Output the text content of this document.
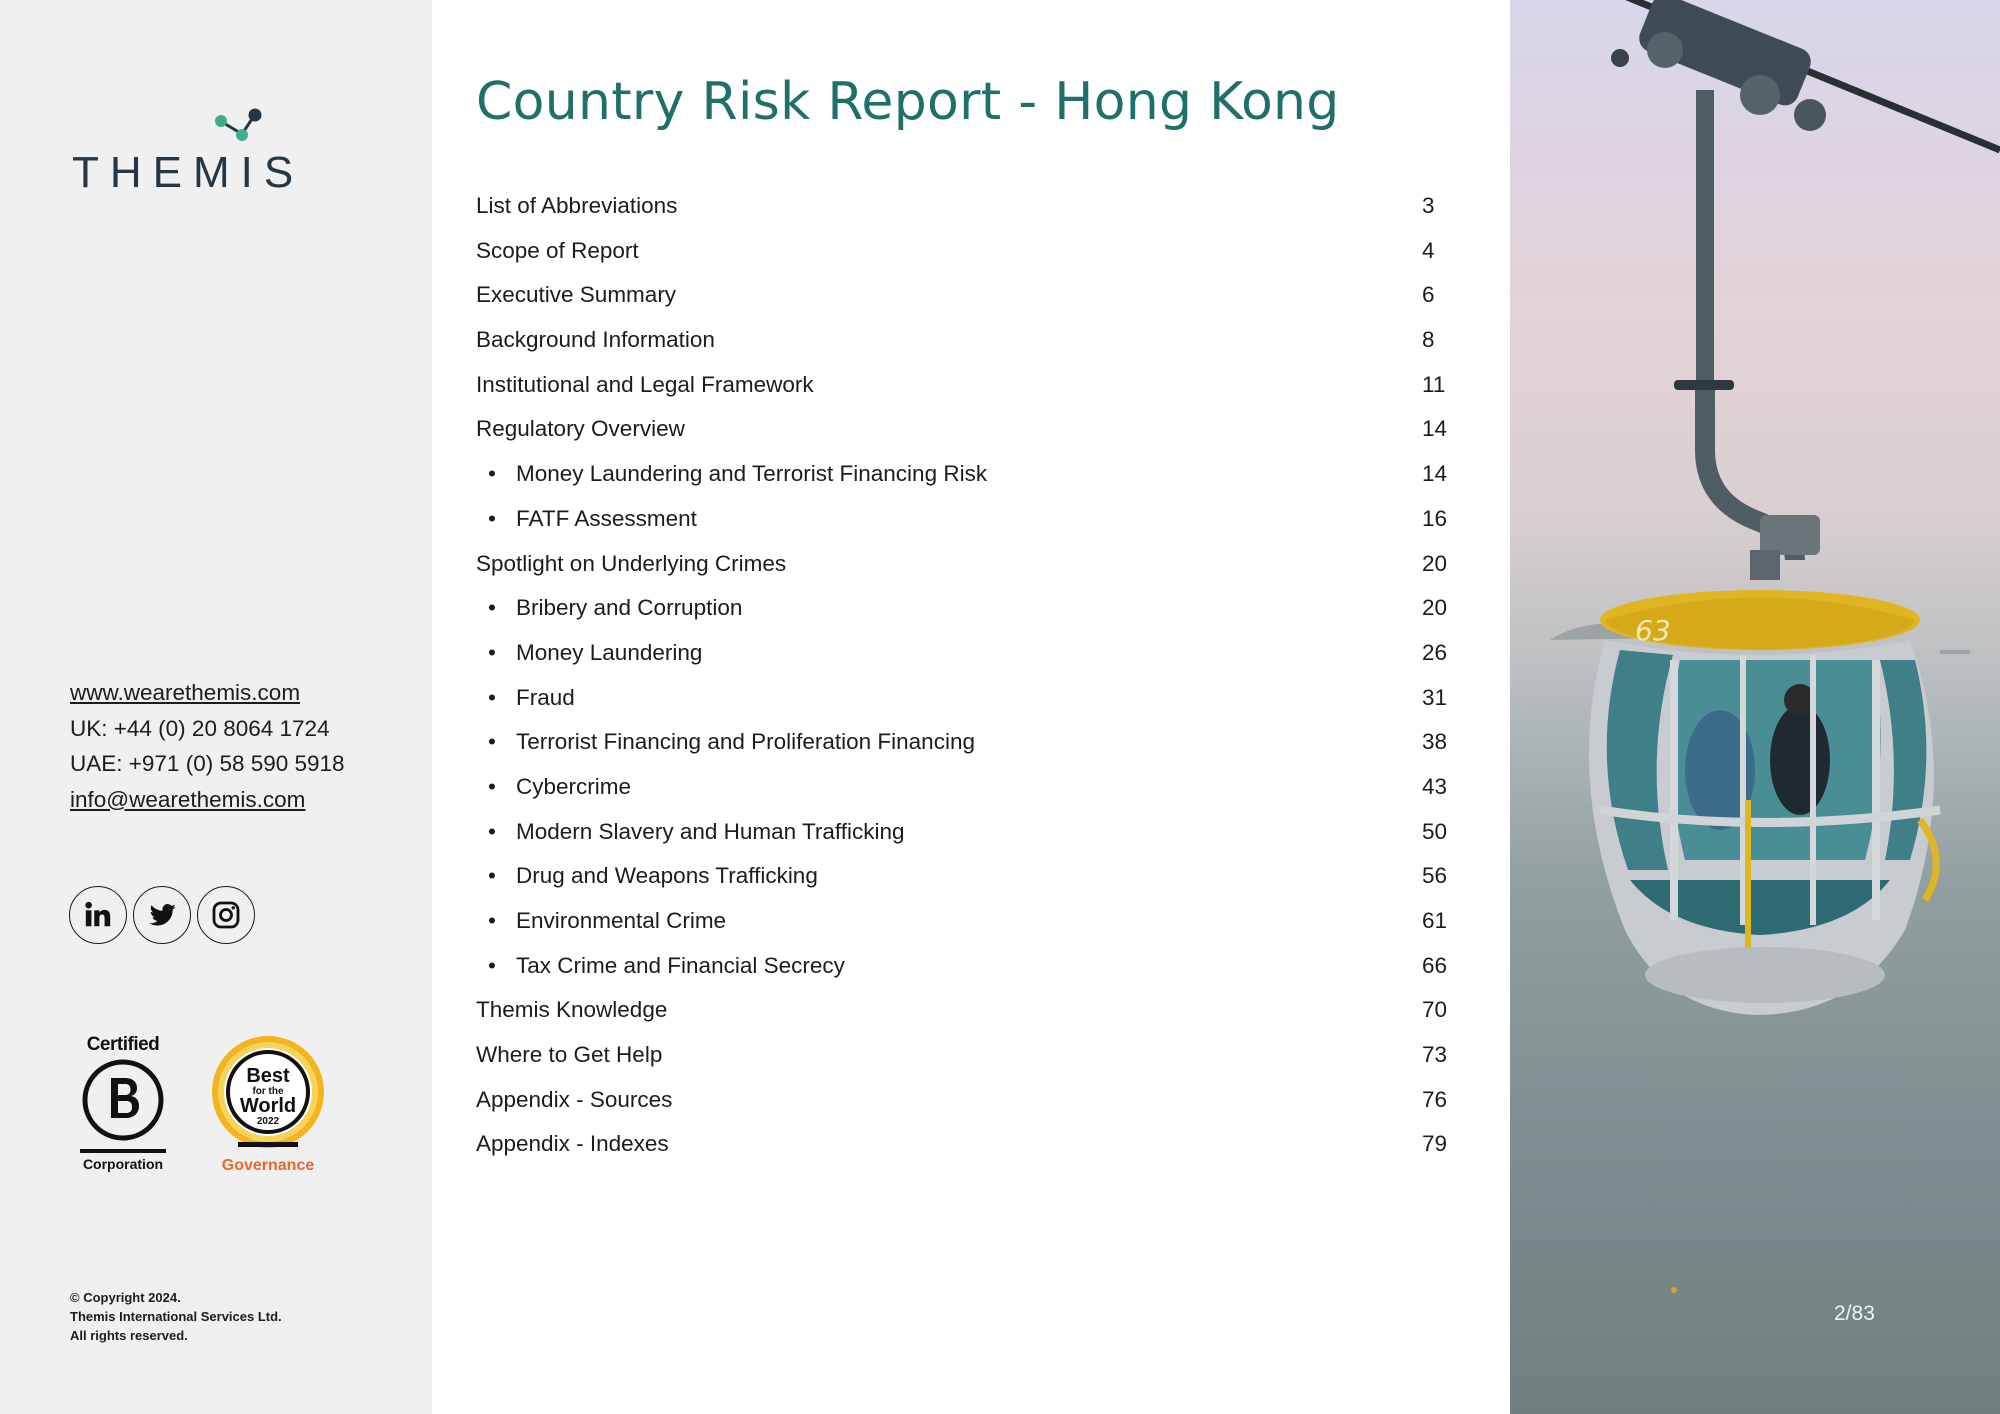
THEMIS
www.wearethemis.com
UK: +44 (0) 20 8064 1724
UAE: +971 (0) 58 590 5918
info@wearethemis.com
Certified
Corporation
Best
for the
World
2022
Governance
© Copyright 2024.
Themis International Services Ltd.
All rights reserved.
Country Risk Report - Hong Kong
List of Abbreviations	3
Scope of Report	4
Executive Summary	6
Background Information	8
Institutional and Legal Framework	11
Regulatory Overview	14
• Money Laundering and Terrorist Financing Risk	14
• FATF Assessment	16
Spotlight on Underlying Crimes	20
• Bribery and Corruption	20
• Money Laundering	26
• Fraud	31
• Terrorist Financing and Proliferation Financing	38
• Cybercrime	43
• Modern Slavery and Human Trafficking	50
• Drug and Weapons Trafficking	56
• Environmental Crime	61
• Tax Crime and Financial Secrecy	66
Themis Knowledge	70
Where to Get Help	73
Appendix - Sources	76
Appendix - Indexes	79
63
2/83
